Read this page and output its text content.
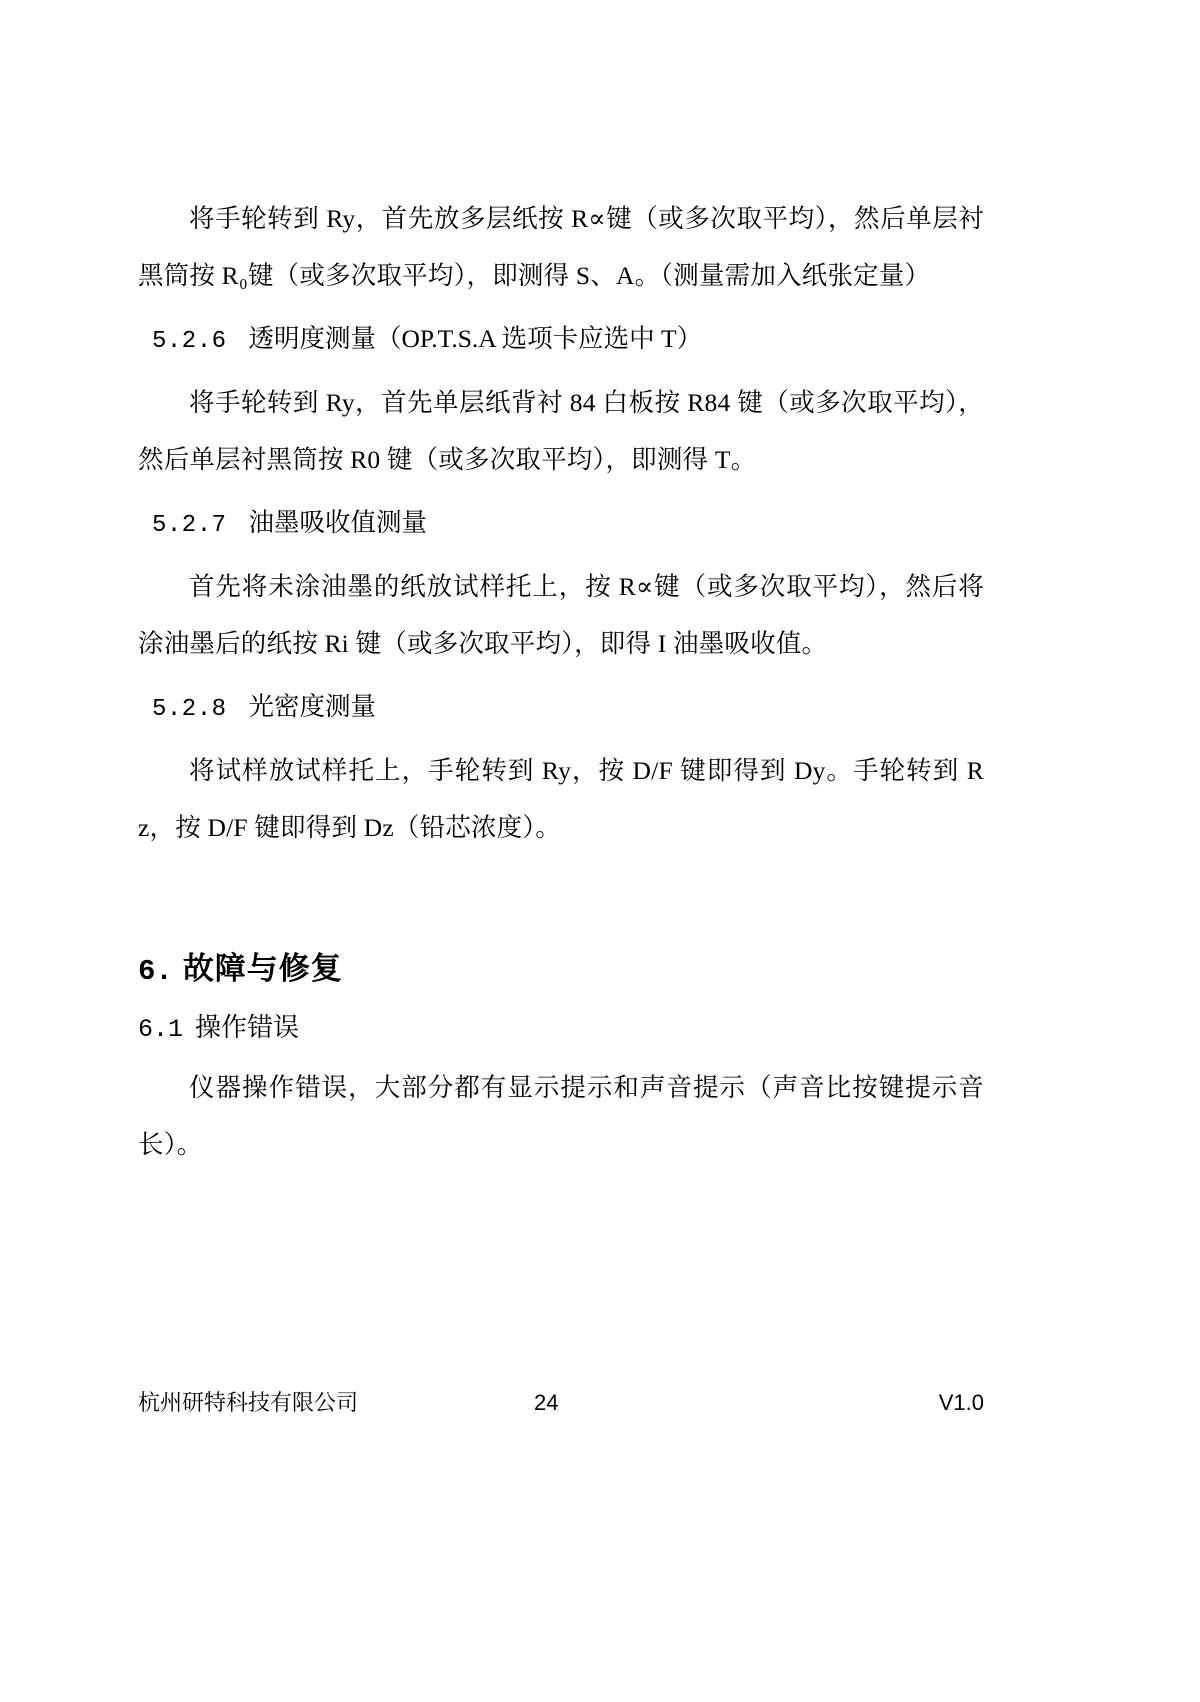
将手轮转到 Ry，首先放多层纸按 R∝键（或多次取平均），然后单层衬黑筒按 R₀键（或多次取平均），即测得 S、A。（测量需加入纸张定量）

5.2.6 透明度测量（OP.T.S.A 选项卡应选中 T）

将手轮转到 Ry，首先单层纸背衬 84 白板按 R84 键（或多次取平均），然后单层衬黑筒按 R0 键（或多次取平均），即测得 T。

5.2.7 油墨吸收值测量

首先将未涂油墨的纸放试样托上，按 R∝键（或多次取平均），然后将涂油墨后的纸按 Ri 键（或多次取平均），即得 I 油墨吸收值。

5.2.8 光密度测量

将试样放试样托上，手轮转到 Ry，按 D/F 键即得到 Dy。手轮转到 Rz，按 D/F 键即得到 Dz（铅芯浓度）。

6. 故障与修复
6.1 操作错误

仪器操作错误，大部分都有显示提示和声音提示（声音比按键提示音长）。

杭州研特科技有限公司	24	V1.0
